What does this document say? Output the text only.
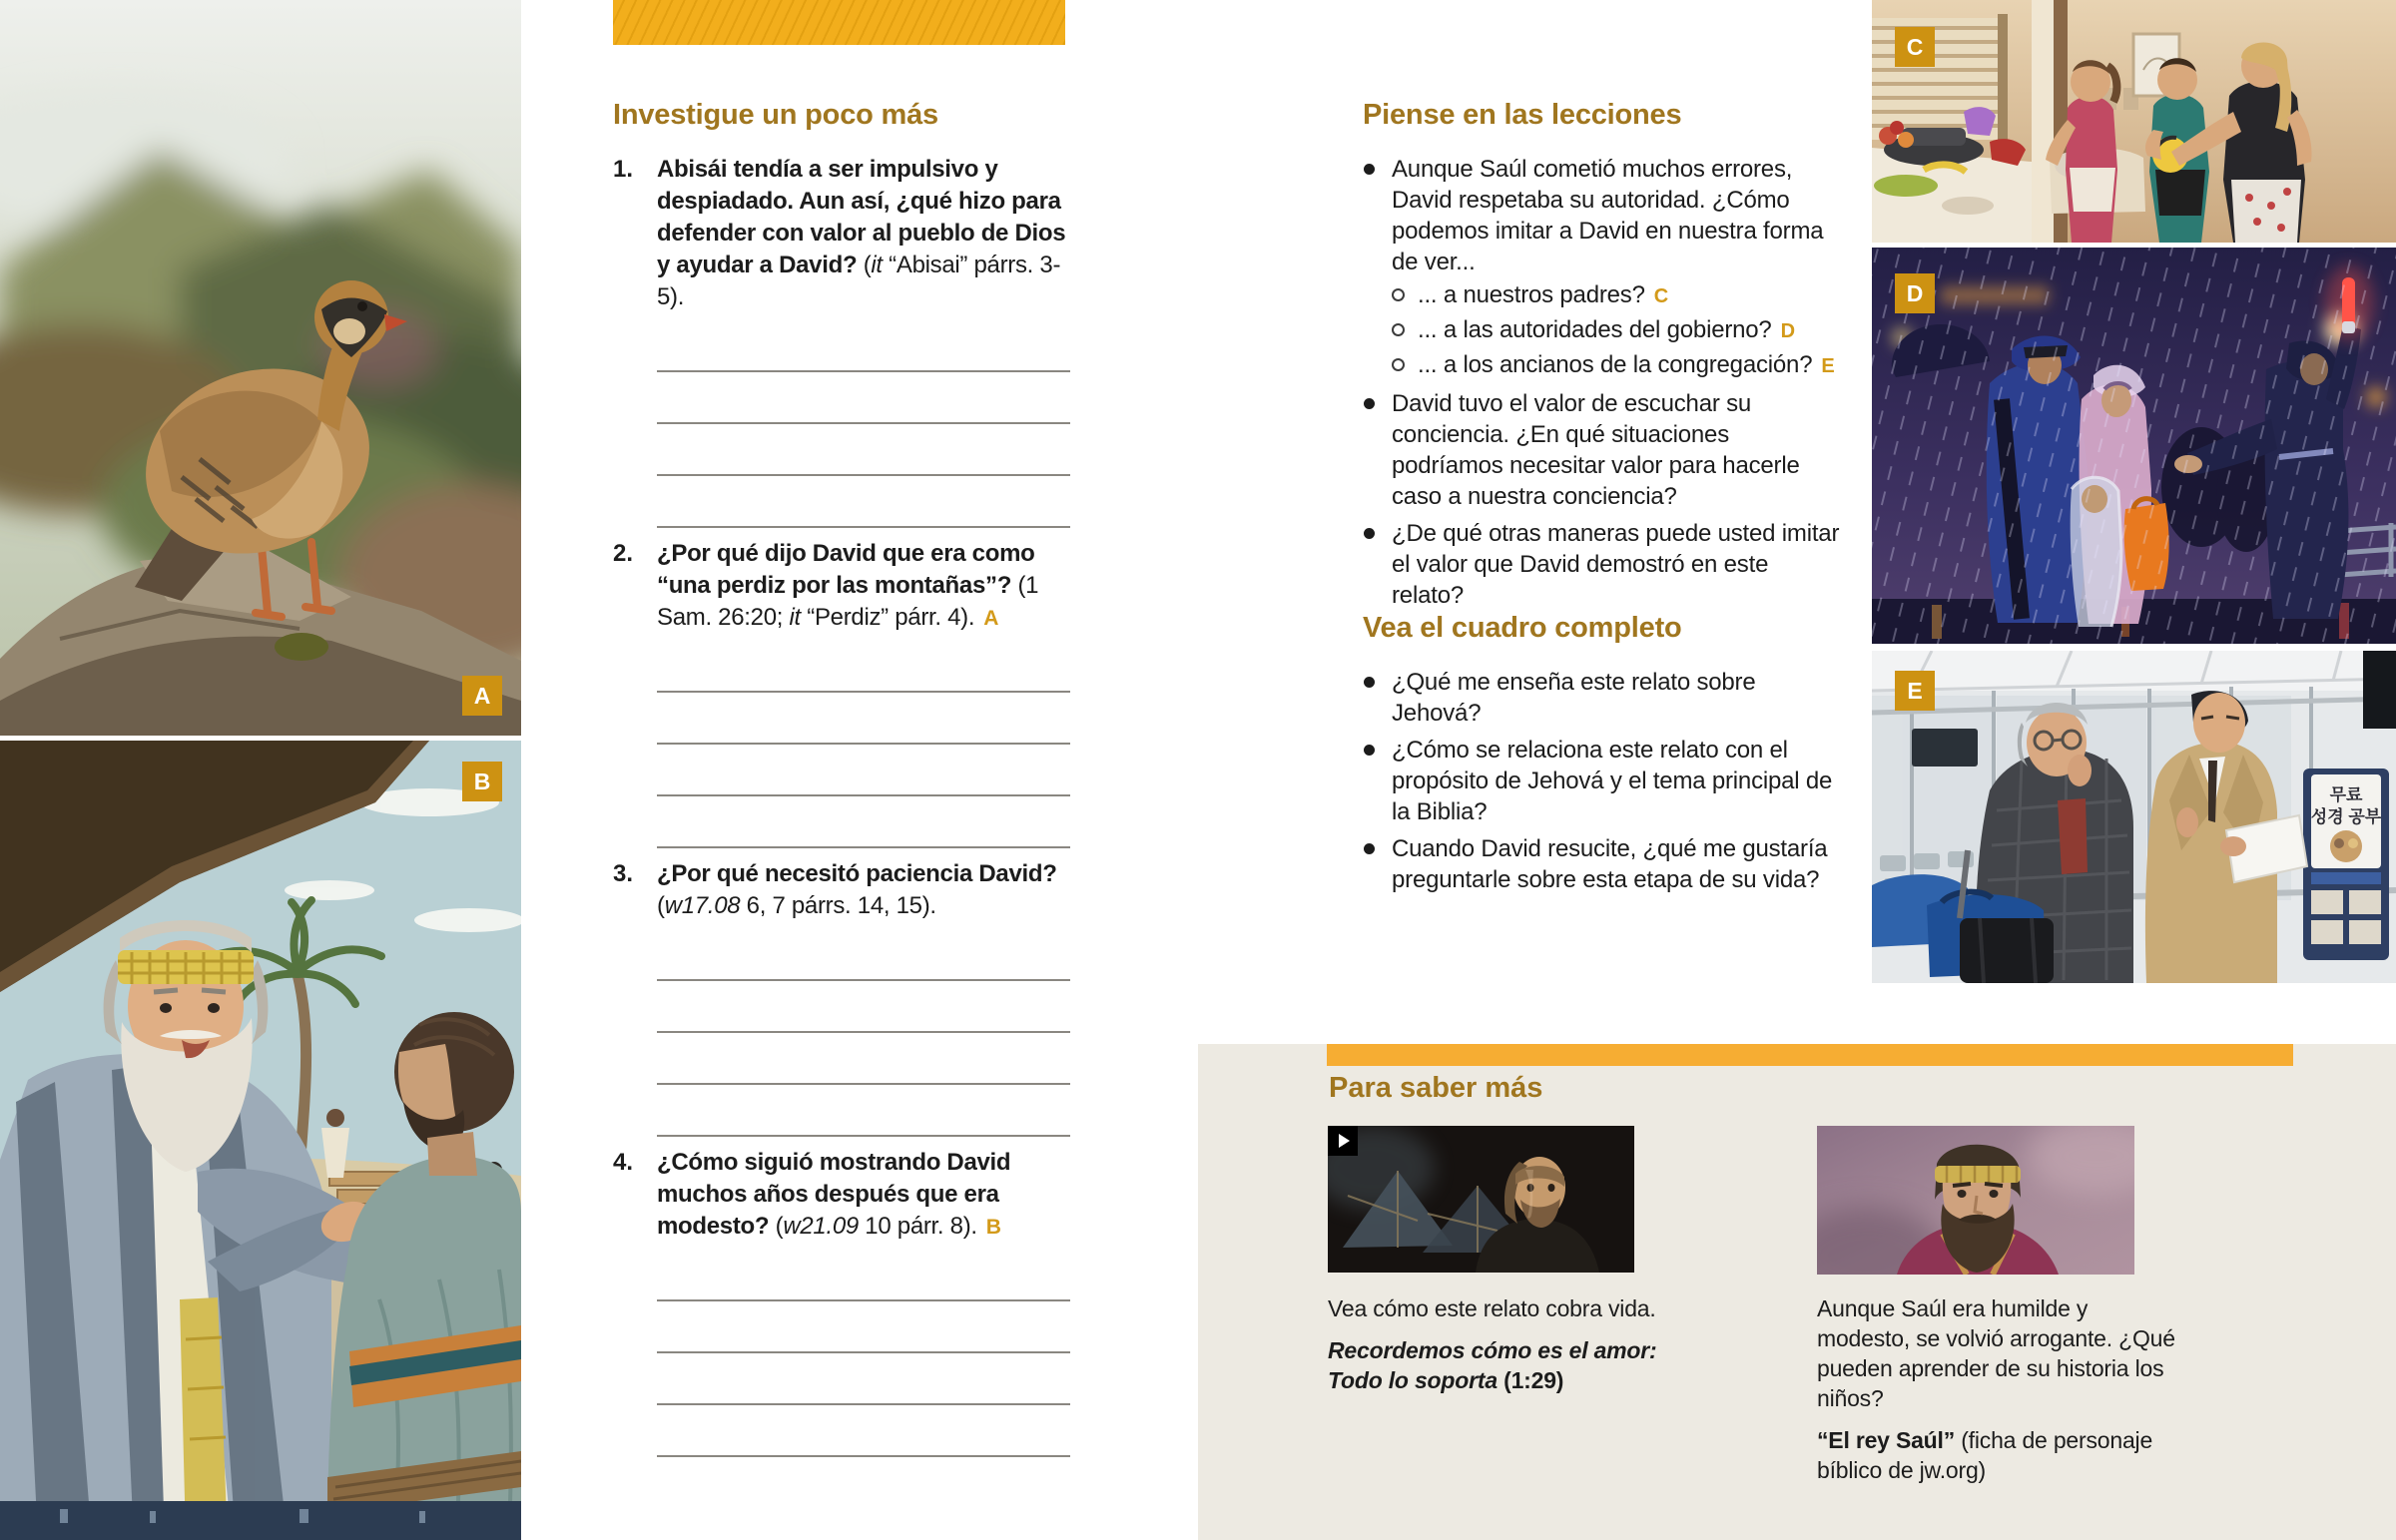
A
B
Investigue un poco más
1. Abisái tendía a ser impulsivo y despiadado. Aun así, ¿qué hizo para defender con valor al pueblo de Dios y ayudar a David? (it “Abisai” párrs. 3-5).
2. ¿Por qué dijo David que era como “una perdiz por las montañas”? (1 Sam. 26:20; it “Perdiz” párr. 4). A
3. ¿Por qué necesitó paciencia David? (w17.08 6, 7 párrs. 14, 15).
4. ¿Cómo siguió mostrando David muchos años después que era modesto? (w21.09 10 párr. 8). B
Piense en las lecciones
Aunque Saúl cometió muchos errores, David respetaba su autoridad. ¿Cómo podemos imitar a David en nuestra forma de ver...
... a nuestros padres? C
... a las autoridades del gobierno? D
... a los ancianos de la congregación? E
David tuvo el valor de escuchar su conciencia. ¿En qué situaciones podríamos necesitar valor para hacerle caso a nuestra conciencia?
¿De qué otras maneras puede usted imitar el valor que David demostró en este relato?
Vea el cuadro completo
¿Qué me enseña este relato sobre Jehová?
¿Cómo se relaciona este relato con el propósito de Jehová y el tema principal de la Biblia?
Cuando David resucite, ¿qué me gustaría preguntarle sobre esta etapa de su vida?
C
D
무료
성경 공부
E
Para saber más
Vea cómo este relato cobra vida.
Recordemos cómo es el amor:
Todo lo soporta (1:29)
Aunque Saúl era humilde y modesto, se volvió arrogante. ¿Qué pueden aprender de su historia los niños?
“El rey Saúl” (ficha de personaje bíblico de jw.org)
